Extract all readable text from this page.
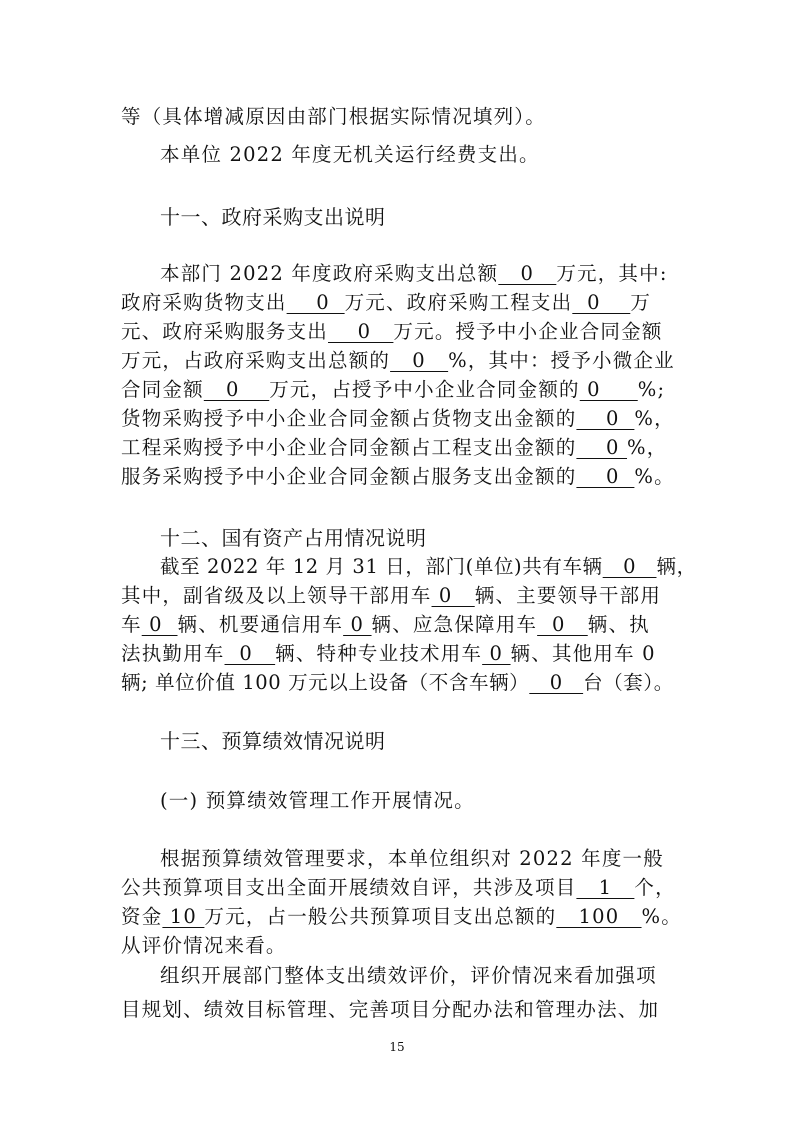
等（具体增减原因由部门根据实际情况填列）。
本单位 2022 年度无机关运行经费支出。
十一、政府采购支出说明
本部门 2022 年度政府采购支出总额   0   万元，其中:
政府采购货物支出    0  万元、政府采购工程支出  0    万
元、政府采购服务支出    0   万元。授予中小企业合同金额
万元，占政府采购支出总额的   0   %，其中：授予小微企业
合同金额   0    万元，占授予中小企业合同金额的 0     %;
货物采购授予中小企业合同金额占货物支出金额的    0  %，
工程采购授予中小企业合同金额占工程支出金额的    0 %，
服务采购授予中小企业合同金额占服务支出金额的    0  %。
十二、国有资产占用情况说明
截至 2022 年 12 月 31 日，部门(单位)共有车辆   0   辆，
其中，副省级及以上领导干部用车 0   辆、主要领导干部用
车 0  辆、机要通信用车 0 辆、应急保障用车  0   辆、执
法执勤用车  0   辆、特种专业技术用车 0 辆、其他用车 0
辆; 单位价值 100 万元以上设备（不含车辆）   0   台（套）。
十三、预算绩效情况说明
(一) 预算绩效管理工作开展情况。
根据预算绩效管理要求，本单位组织对 2022 年度一般
公共预算项目支出全面开展绩效自评，共涉及项目   1   个，
资金 10 万元，占一般公共预算项目支出总额的   100   %。
从评价情况来看。
组织开展部门整体支出绩效评价，评价情况来看加强项
目规划、绩效目标管理、完善项目分配办法和管理办法、加
15
